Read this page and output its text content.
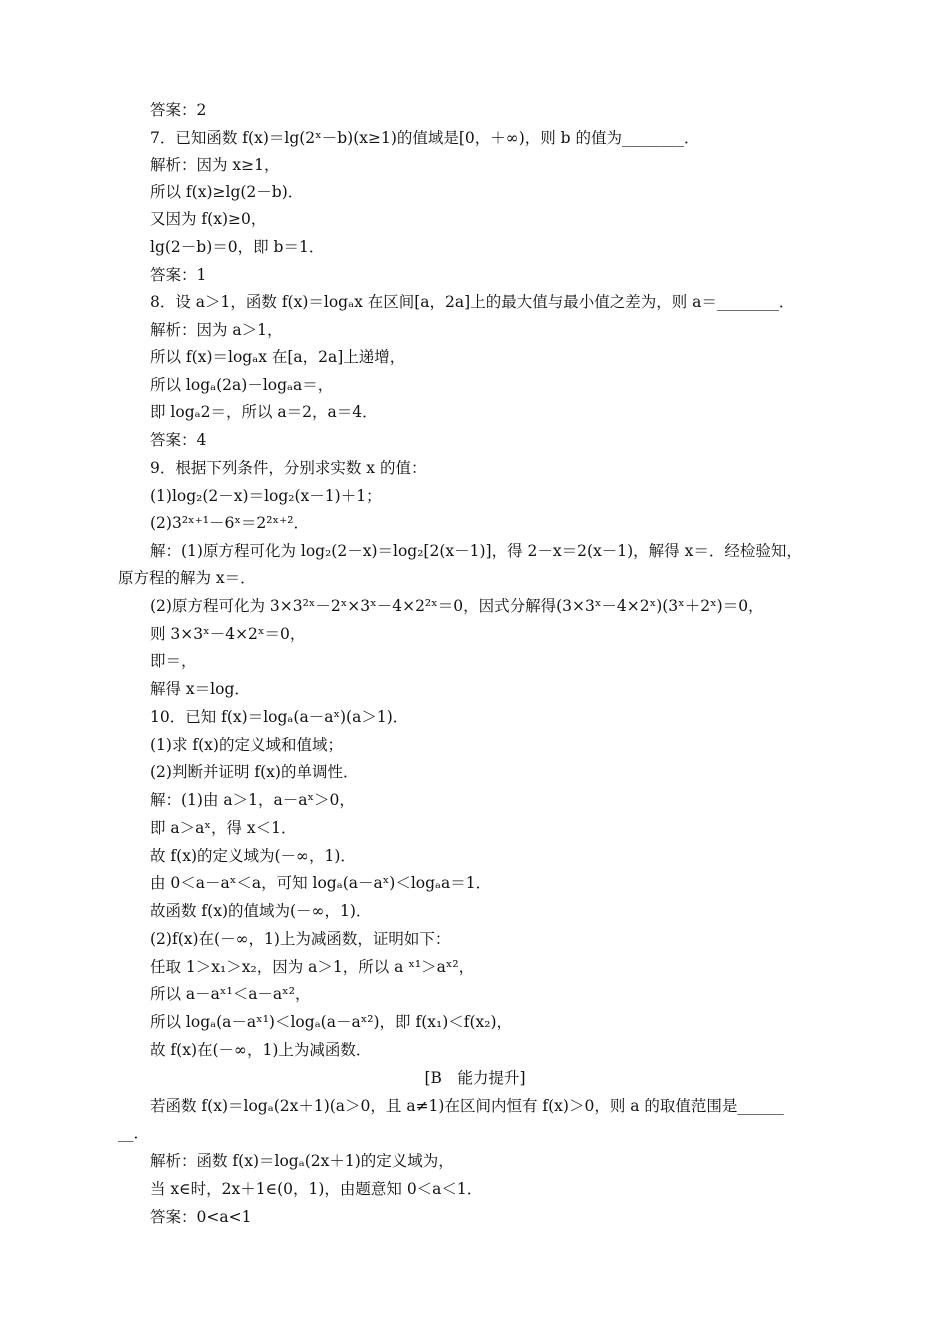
答案：2
7．已知函数 f(x)＝lg(2ˣ－b)(x≥1)的值域是[0，＋∞)，则 b 的值为________．
解析：因为 x≥1，
所以 f(x)≥lg(2－b)．
又因为 f(x)≥0，
lg(2－b)＝0，即 b＝1．
答案：1
8．设 a＞1，函数 f(x)＝logₐx 在区间[a，2a]上的最大值与最小值之差为，则 a＝________．
解析：因为 a＞1，
所以 f(x)＝logₐx 在[a，2a]上递增，
所以 logₐ(2a)－logₐa＝，
即 logₐ2＝，所以 a＝2，a＝4．
答案：4
9．根据下列条件，分别求实数 x 的值：
(1)log₂(2－x)＝log₂(x－1)＋1；
(2)3²ˣ⁺¹－6ˣ＝2²ˣ⁺²．
解：(1)原方程可化为 log₂(2－x)＝log₂[2(x－1)]，得 2－x＝2(x－1)，解得 x＝．经检验知，
原方程的解为 x＝．
(2)原方程可化为 3×3²ˣ－2ˣ×3ˣ－4×2²ˣ＝0，因式分解得(3×3ˣ－4×2ˣ)(3ˣ＋2ˣ)＝0，
则 3×3ˣ－4×2ˣ＝0，
即＝，
解得 x＝log．
10．已知 f(x)＝logₐ(a－aˣ)(a＞1)．
(1)求 f(x)的定义域和值域；
(2)判断并证明 f(x)的单调性．
解：(1)由 a＞1，a－aˣ＞0，
即 a＞aˣ，得 x＜1．
故 f(x)的定义域为(－∞，1)．
由 0＜a－aˣ＜a，可知 logₐ(a－aˣ)＜logₐa＝1．
故函数 f(x)的值域为(－∞，1)．
(2)f(x)在(－∞，1)上为减函数，证明如下：
任取 1＞x₁＞x₂，因为 a＞1，所以 a ˣ¹＞aˣ²，
所以 a－aˣ¹＜a－aˣ²，
所以 logₐ(a－aˣ¹)＜logₐ(a－aˣ²)，即 f(x₁)＜f(x₂)，
故 f(x)在(－∞，1)上为减函数．
[B　能力提升]
若函数 f(x)＝logₐ(2x＋1)(a＞0，且 a≠1)在区间内恒有 f(x)＞0，则 a 的取值范围是______
__．
解析：函数 f(x)＝logₐ(2x＋1)的定义域为，
当 x∈时，2x＋1∈(0，1)，由题意知 0＜a＜1．
答案：0<a<1
